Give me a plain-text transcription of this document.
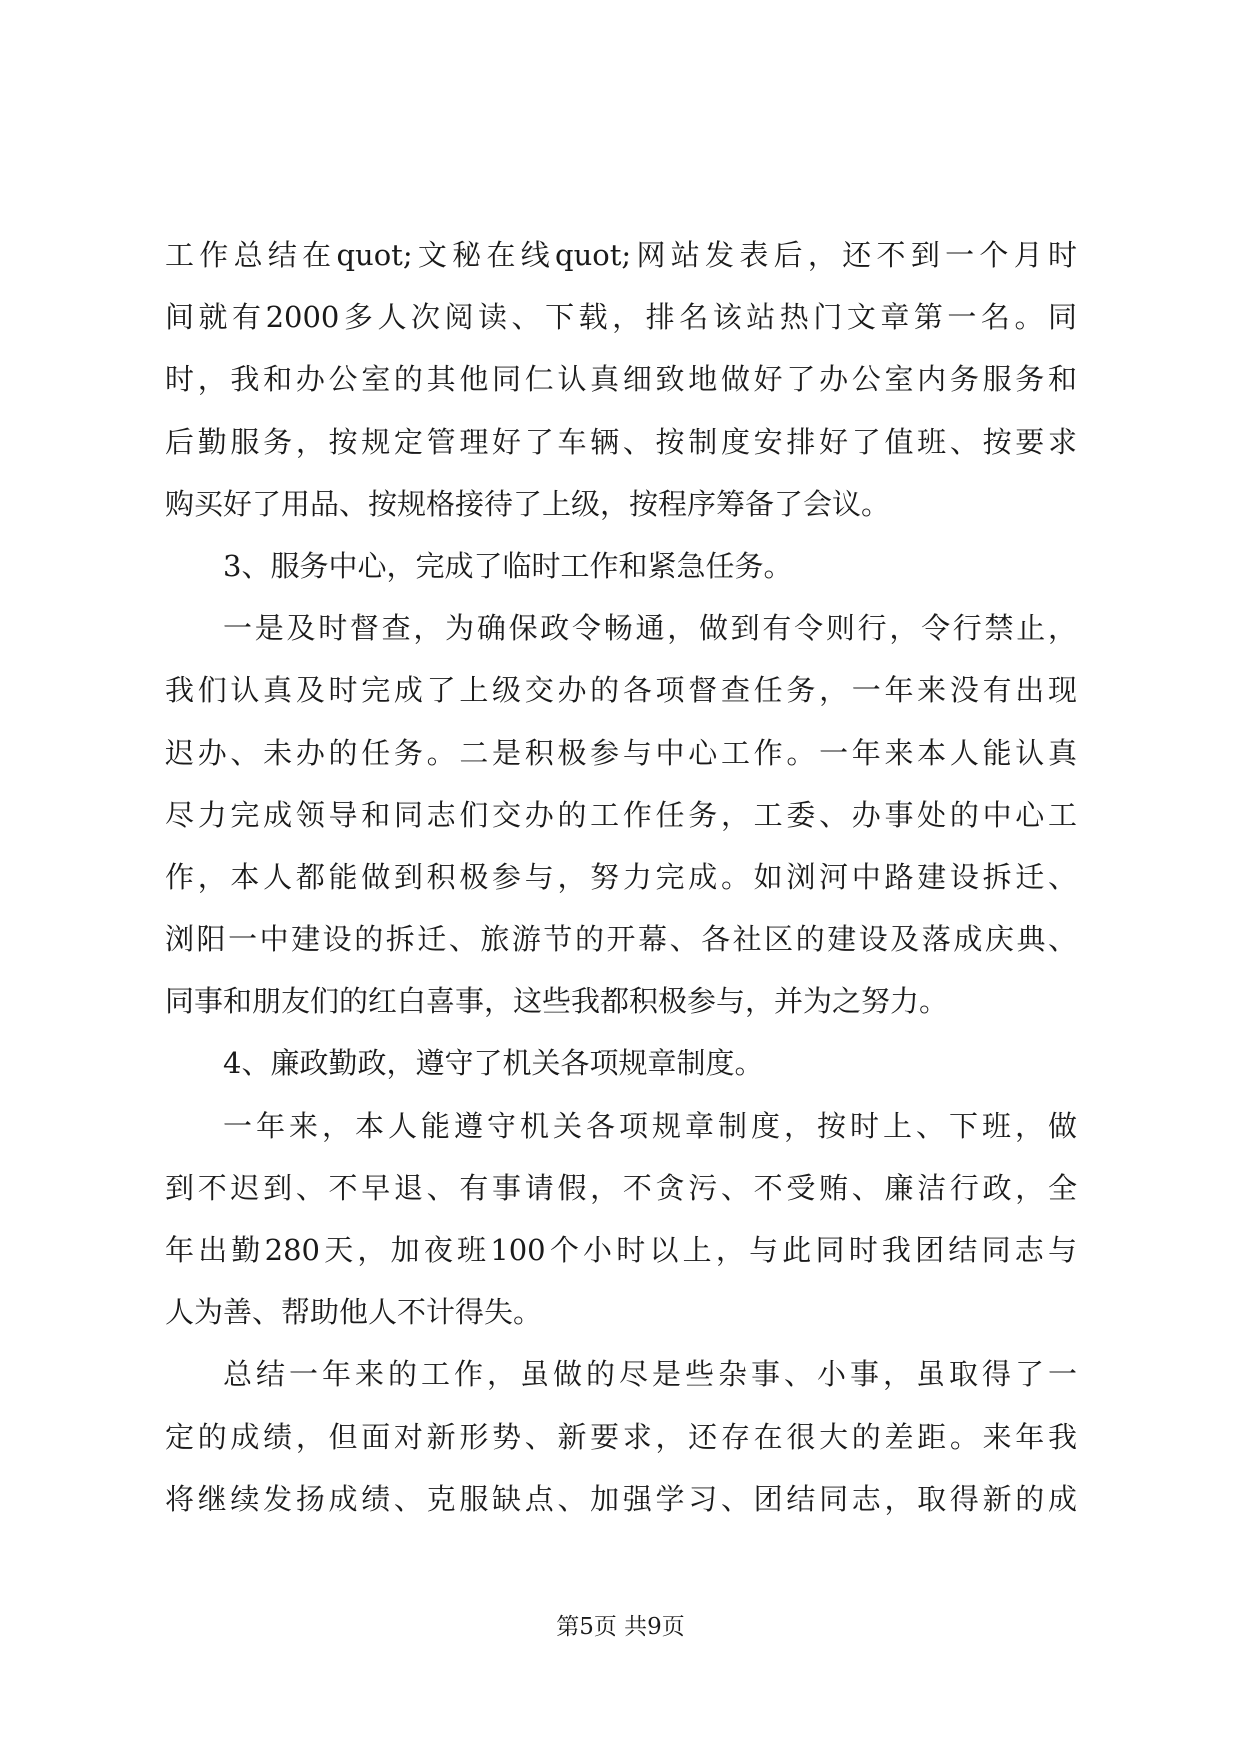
工作总结在quot;文秘在线quot;网站发表后，还不到一个月时
间就有2000多人次阅读、下载，排名该站热门文章第一名。同
时，我和办公室的其他同仁认真细致地做好了办公室内务服务和
后勤服务，按规定管理好了车辆、按制度安排好了值班、按要求
购买好了用品、按规格接待了上级，按程序筹备了会议。
3、服务中心，完成了临时工作和紧急任务。
一是及时督查，为确保政令畅通，做到有令则行，令行禁止，
我们认真及时完成了上级交办的各项督查任务，一年来没有出现
迟办、未办的任务。二是积极参与中心工作。一年来本人能认真
尽力完成领导和同志们交办的工作任务，工委、办事处的中心工
作，本人都能做到积极参与，努力完成。如浏河中路建设拆迁、
浏阳一中建设的拆迁、旅游节的开幕、各社区的建设及落成庆典、
同事和朋友们的红白喜事，这些我都积极参与，并为之努力。
4、廉政勤政，遵守了机关各项规章制度。
一年来，本人能遵守机关各项规章制度，按时上、下班，做
到不迟到、不早退、有事请假，不贪污、不受贿、廉洁行政，全
年出勤280天，加夜班100个小时以上，与此同时我团结同志与
人为善、帮助他人不计得失。
总结一年来的工作，虽做的尽是些杂事、小事，虽取得了一
定的成绩，但面对新形势、新要求，还存在很大的差距。来年我
将继续发扬成绩、克服缺点、加强学习、团结同志，取得新的成
第5页 共9页
